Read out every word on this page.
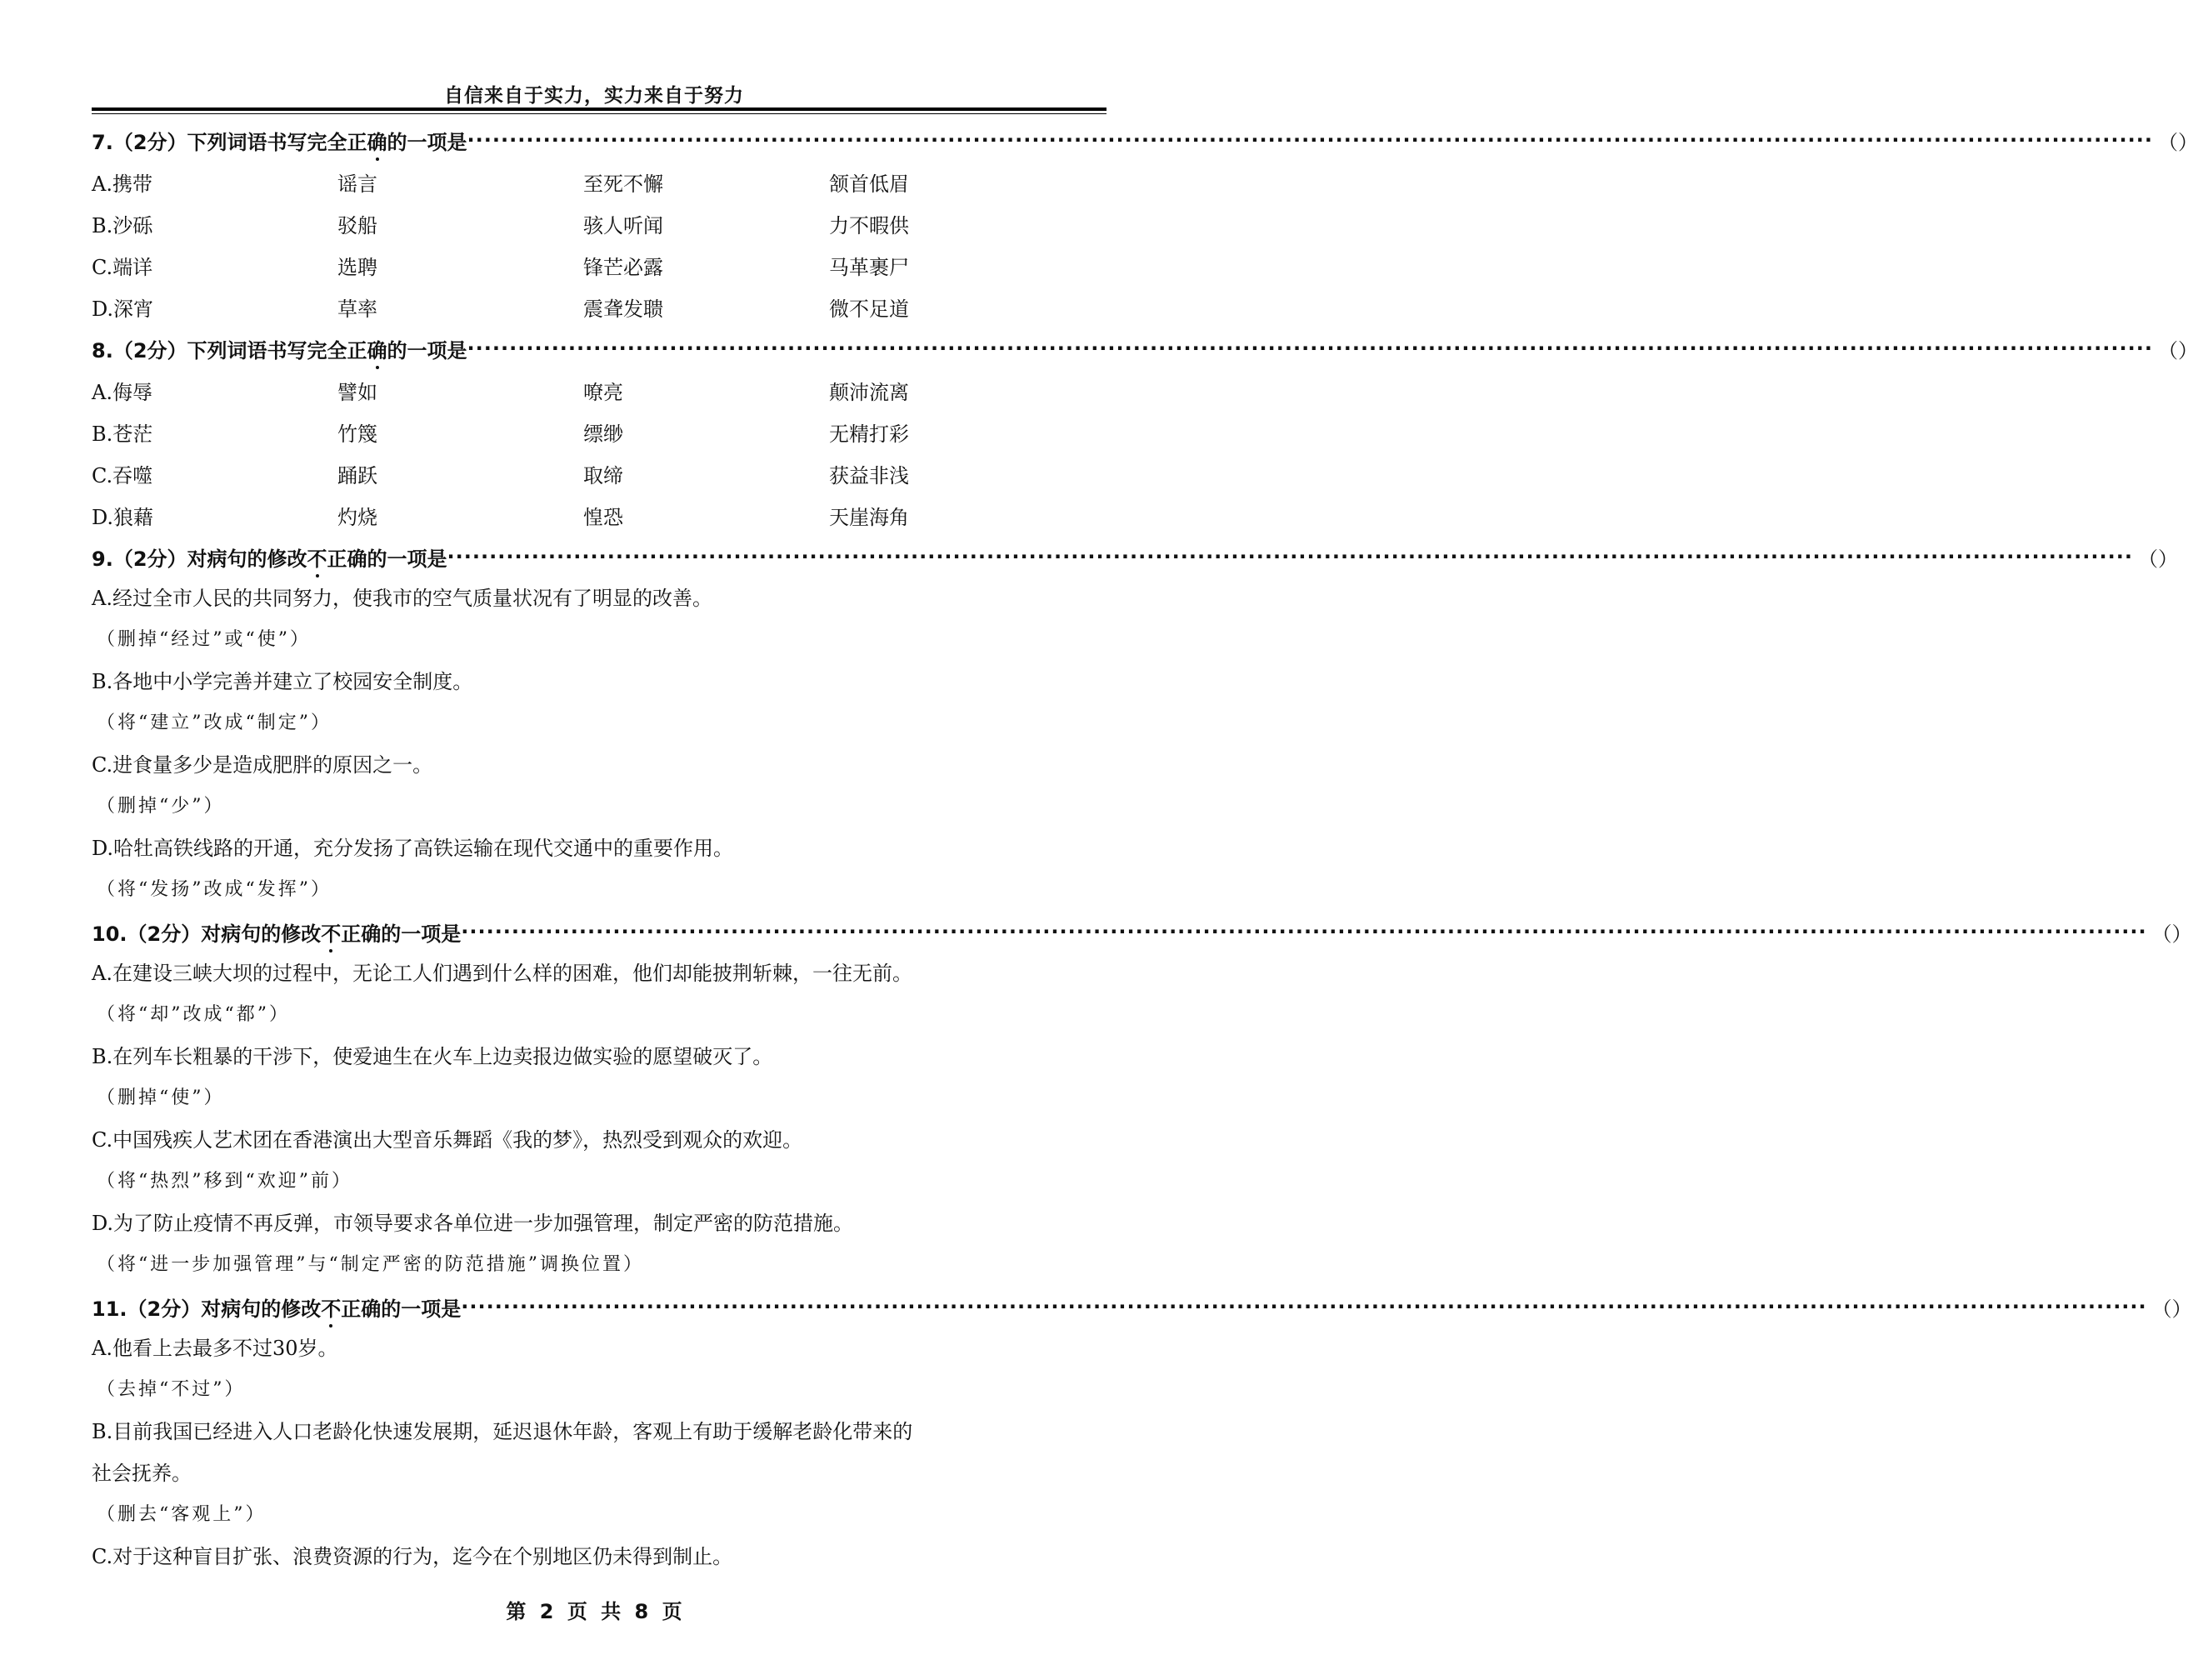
自信来自于实力，实力来自于努力
7.（2分）下列词语书写完全正 确 的一项是 ········································································································································································································ （ ）
A.携带	谣言	至死不懈	颔首低眉
B.沙砾	驳船	骇人听闻	力不暇供
C.端详	选聘	锋芒必露	马革裹尸
D.深宵	草率	震聋发聩	微不足道
8.（2分）下列词语书写完全正 确 的一项是 ········································································································································································································ （ ）
A.侮辱	譬如	嘹亮	颠沛流离
B.苍茫	竹篾	缥缈	无精打彩
C.吞噬	踊跃	取缔	获益非浅
D.狼藉	灼烧	惶恐	天崖海角
9.（2分）对病句的修改 不 正确的一项是 ········································································································································································································ （ ）
A.经过全市人民的共同努力，使我市的空气质量状况有了明显的改善。
（删掉“经过”或“使”）
B.各地中小学完善并建立了校园安全制度。
（将“建立”改成“制定”）
C.进食量多少是造成肥胖的原因之一。
（删掉“少”）
D.哈牡高铁线路的开通，充分发扬了高铁运输在现代交通中的重要作用。
（将“发扬”改成“发挥”）
10.（2分）对病句的修改 不 正确的一项是 ········································································································································································································ （ ）
A.在建设三峡大坝的过程中，无论工人们遇到什么样的困难，他们却能披荆斩棘，一往无前。
（将“却”改成“都”）
B.在列车长粗暴的干涉下，使爱迪生在火车上边卖报边做实验的愿望破灭了。
（删掉“使”）
C.中国残疾人艺术团在香港演出大型音乐舞蹈《我的梦》，热烈受到观众的欢迎。
（将“热烈”移到“欢迎”前）
D.为了防止疫情不再反弹，市领导要求各单位进一步加强管理，制定严密的防范措施。
（将“进一步加强管理”与“制定严密的防范措施”调换位置）
11.（2分）对病句的修改 不 正确的一项是 ········································································································································································································ （ ）
A.他看上去最多不过30岁。
（去掉“不过”）
B.目前我国已经进入人口老龄化快速发展期，延迟退休年龄，客观上有助于缓解老龄化带来的
社会抚养。
（删去“客观上”）
C.对于这种盲目扩张、浪费资源的行为，迄今在个别地区仍未得到制止。
第 2 页 共 8 页
